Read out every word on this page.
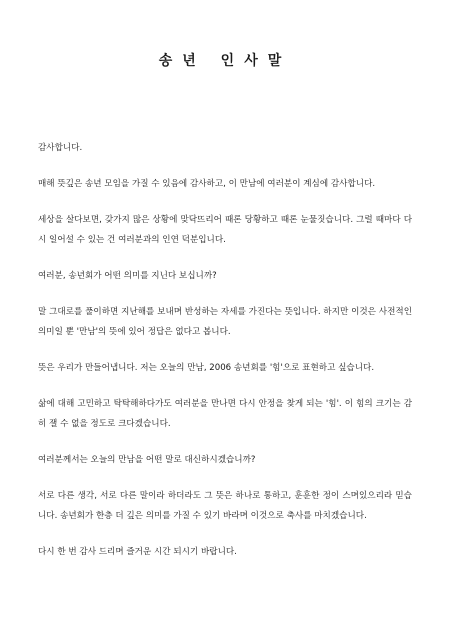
송년 인사말

감사합니다.

매해 뜻깊은 송년 모임을 가질 수 있음에 감사하고, 이 만남에 여러분이 계심에 감사합니다.

세상을 살다보면, 갖가지 많은 상황에 맞닥뜨리어 때론 당황하고 때론 눈물짓습니다. 그럴 때마다 다시 일어설 수 있는 건 여러분과의 인연 덕분입니다.

여러분, 송년회가 어떤 의미를 지닌다 보십니까?

말 그대로를 풀이하면 지난해를 보내며 반성하는 자세를 가진다는 뜻입니다. 하지만 이것은 사전적인 의미일 뿐 '만남'의 뜻에 있어 정답은 없다고 봅니다.

뜻은 우리가 만들어냅니다. 저는 오늘의 만남, 2006 송년회를 '힘'으로 표현하고 싶습니다.

삶에 대해 고민하고 탁탁해하다가도 여러분을 만나면 다시 안정을 찾게 되는 '힘'. 이 힘의 크기는 감히 잴 수 없을 정도로 크다겠습니다.

여러분께서는 오늘의 만남을 어떤 말로 대신하시겠습니까?

서로 다른 생각, 서로 다른 말이라 하더라도 그 뜻은 하나로 통하고, 훈훈한 정이 스며있으리라 믿습니다. 송년회가 한층 더 깊은 의미를 가질 수 있기 바라며 이것으로 축사를 마치겠습니다.

다시 한 번 감사 드리며 즐거운 시간 되시기 바랍니다.
